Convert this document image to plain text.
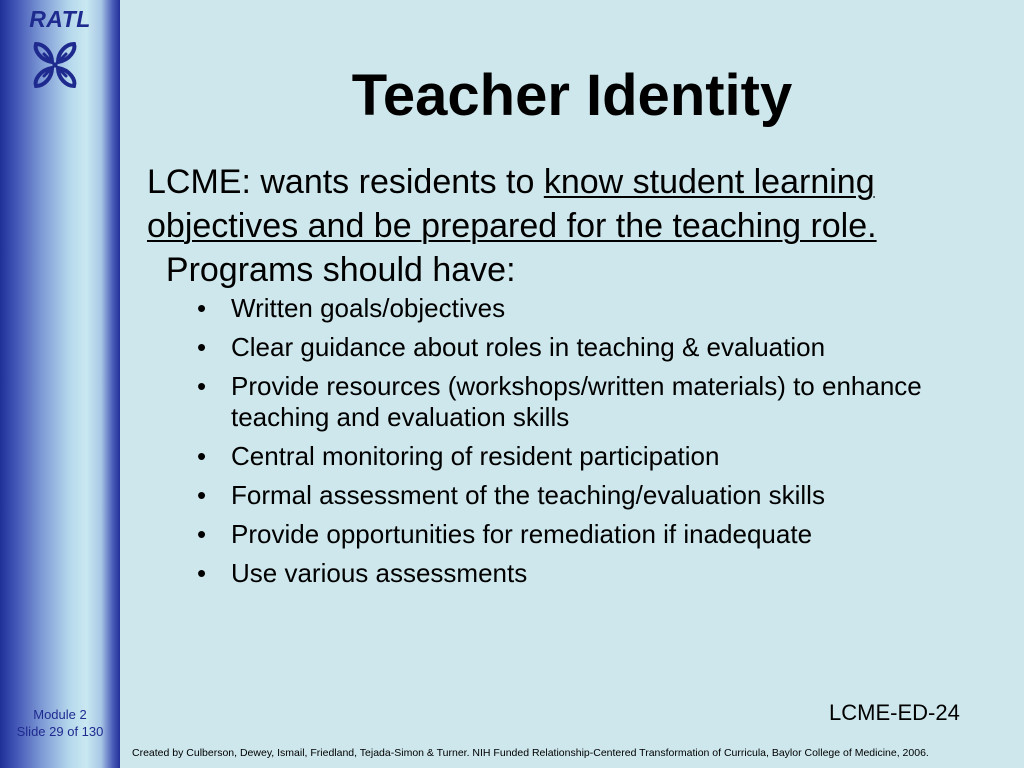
RATL
Module 2
Slide 29 of 130
Teacher Identity

LCME: wants residents to know student learning objectives and be prepared for the teaching role.  Programs should have:

• Written goals/objectives
• Clear guidance about roles in teaching & evaluation
• Provide resources (workshops/written materials) to enhance teaching and evaluation skills
• Central monitoring of resident participation
• Formal assessment of the teaching/evaluation skills
• Provide opportunities for remediation if inadequate
• Use various assessments
LCME-ED-24
Created by Culberson, Dewey, Ismail, Friedland, Tejada-Simon & Turner. NIH Funded Relationship-Centered Transformation of Curricula, Baylor College of Medicine, 2006.
